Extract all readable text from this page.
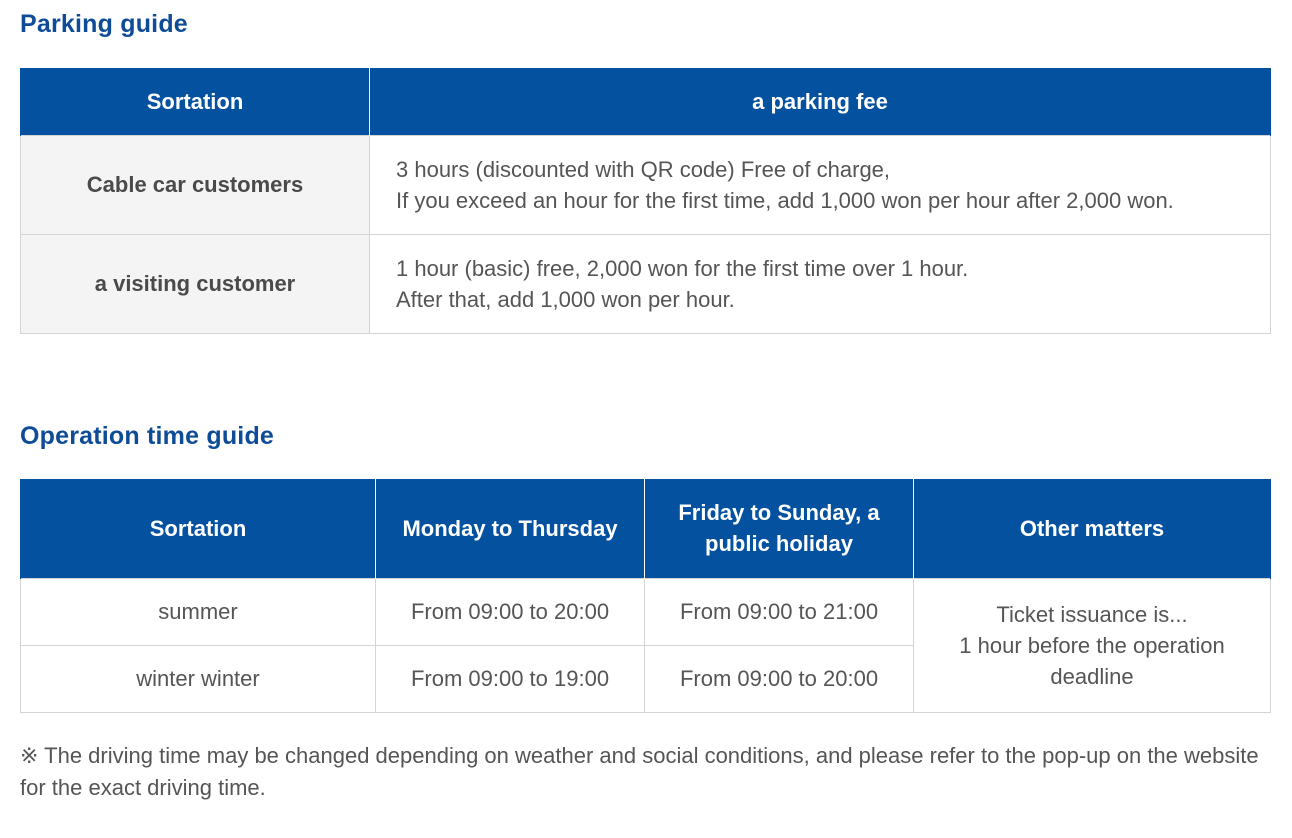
Parking guide
Sortation	a parking fee
Cable car customers	3 hours (discounted with QR code) Free of charge,
If you exceed an hour for the first time, add 1,000 won per hour after 2,000 won.

a visiting customer	1 hour (basic) free, 2,000 won for the first time over 1 hour.
After that, add 1,000 won per hour.
Operation time guide
Sortation	Monday to Thursday	Friday to Sunday, a public holiday	Other matters
summer	From 09:00 to 20:00	From 09:00 to 21:00	Ticket issuance is...
1 hour before the operation deadline

winter winter	From 09:00 to 19:00	From 09:00 to 20:00	

※ The driving time may be changed depending on weather and social conditions, and please refer to the pop-up on the website for the exact driving time.
